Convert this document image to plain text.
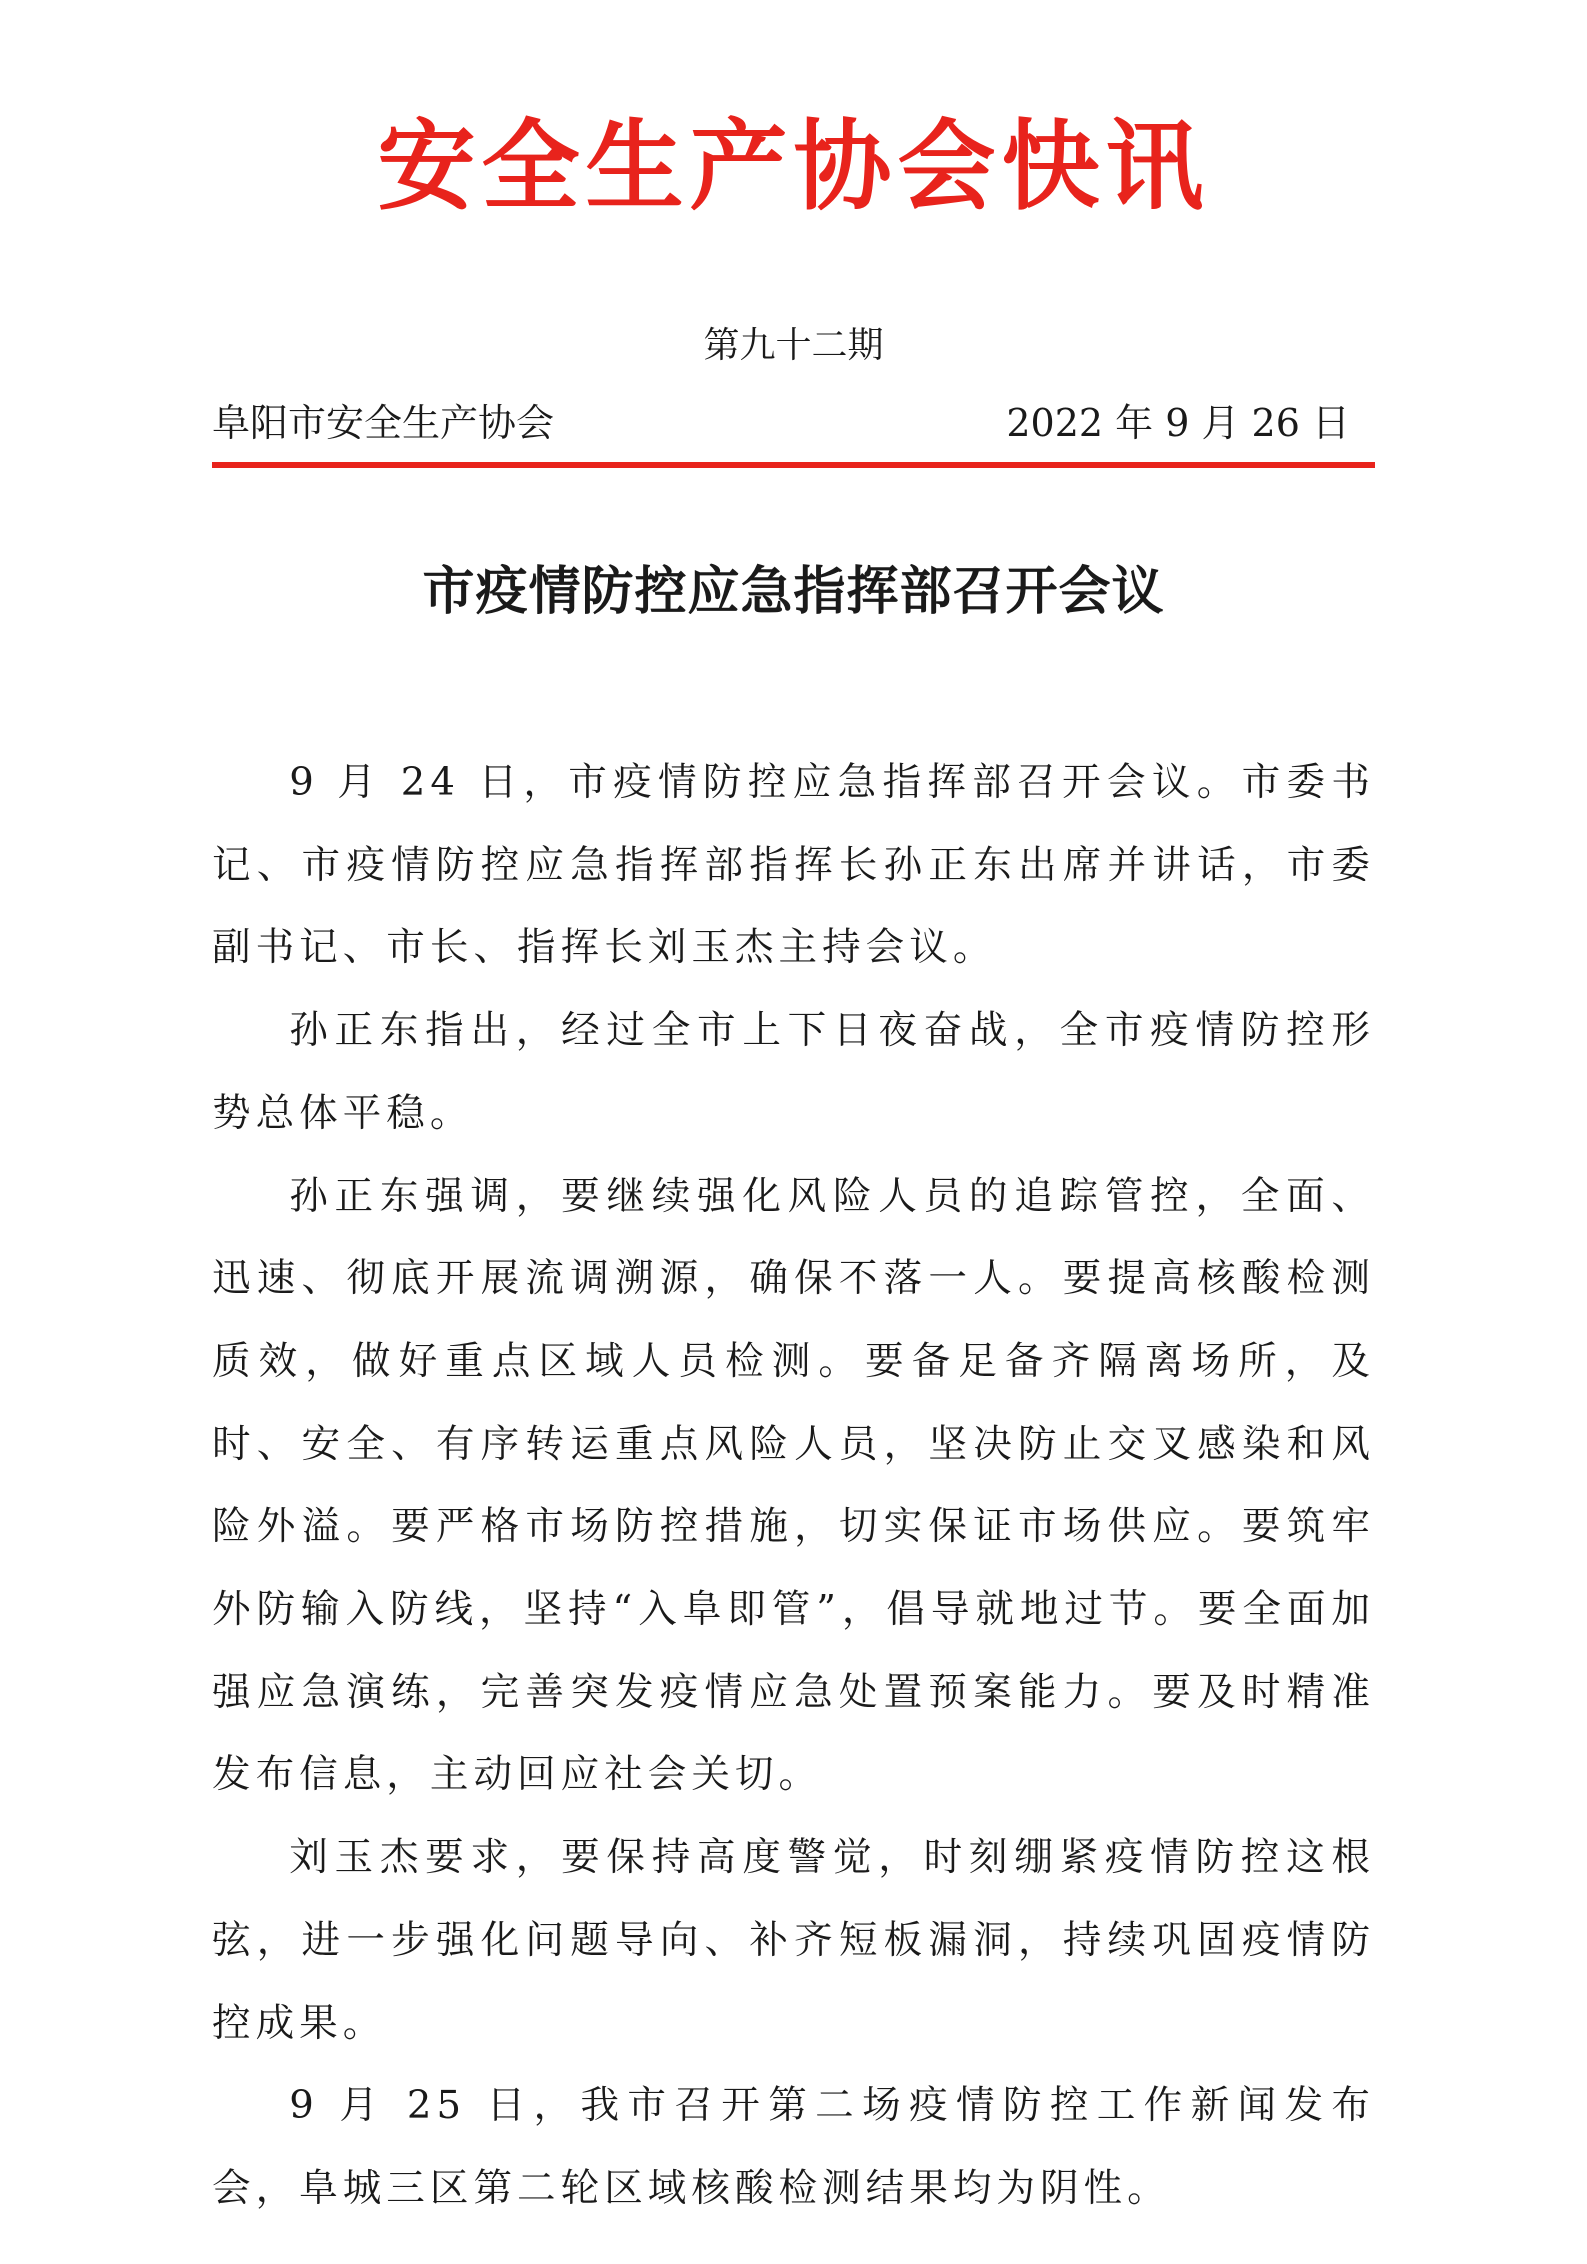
安全生产协会快讯
第九十二期
阜阳市安全生产协会	2022 年 9 月 26 日
市疫情防控应急指挥部召开会议

9 月 24 日，市疫情防控应急指挥部召开会议。市委书记、市疫情防控应急指挥部指挥长孙正东出席并讲话，市委副书记、市长、指挥长刘玉杰主持会议。

孙正东指出，经过全市上下日夜奋战，全市疫情防控形势总体平稳。

孙正东强调，要继续强化风险人员的追踪管控，全面、迅速、彻底开展流调溯源，确保不落一人。要提高核酸检测质效，做好重点区域人员检测。要备足备齐隔离场所，及时、安全、有序转运重点风险人员，坚决防止交叉感染和风险外溢。要严格市场防控措施，切实保证市场供应。要筑牢外防输入防线，坚持“入阜即管”，倡导就地过节。要全面加强应急演练，完善突发疫情应急处置预案能力。要及时精准发布信息，主动回应社会关切。

刘玉杰要求，要保持高度警觉，时刻绷紧疫情防控这根弦，进一步强化问题导向、补齐短板漏洞，持续巩固疫情防控成果。

9 月 25 日，我市召开第二场疫情防控工作新闻发布会，阜城三区第二轮区域核酸检测结果均为阴性。
